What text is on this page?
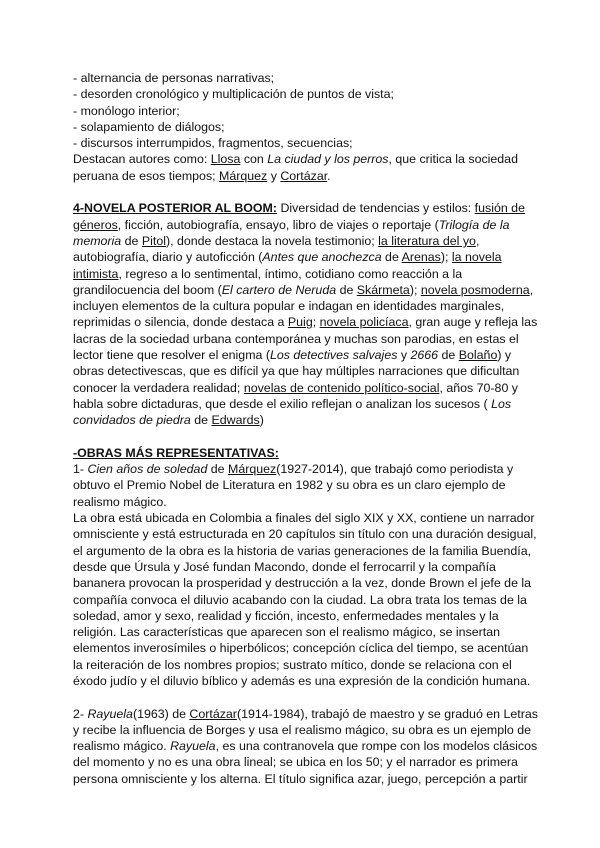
- alternancia de personas narrativas;
- desorden cronológico y multiplicación de puntos de vista;
- monólogo interior;
- solapamiento de diálogos;
- discursos interrumpidos, fragmentos, secuencias;
Destacan autores como: Llosa con La ciudad y los perros, que critica la sociedad
peruana de esos tiempos; Márquez y Cortázar.
4-NOVELA POSTERIOR AL BOOM: Diversidad de tendencias y estilos: fusión de
géneros, ficción, autobiografía, ensayo, libro de viajes o reportaje (Trilogía de la
memoria de Pitol), donde destaca la novela testimonio; la literatura del yo,
autobiografía, diario y autoficción (Antes que anochezca de Arenas); la novela
intimista, regreso a lo sentimental, íntimo, cotidiano como reacción a la
grandilocuencia del boom (El cartero de Neruda de Skármeta); novela posmoderna,
incluyen elementos de la cultura popular e indagan en identidades marginales,
reprimidas o silencia, donde destaca a Puig; novela policíaca, gran auge y refleja las
lacras de la sociedad urbana contemporánea y muchas son parodias, en estas el
lector tiene que resolver el enigma (Los detectives salvajes y 2666 de Bolaño) y
obras detectivescas, que es difícil ya que hay múltiples narraciones que dificultan
conocer la verdadera realidad; novelas de contenido político-social, años 70-80 y
habla sobre dictaduras, que desde el exilio reflejan o analizan los sucesos ( Los
convidados de piedra de Edwards)
-OBRAS MÁS REPRESENTATIVAS:
1- Cien años de soledad de Márquez(1927-2014), que trabajó como periodista y
obtuvo el Premio Nobel de Literatura en 1982 y su obra es un claro ejemplo de
realismo mágico.
La obra está ubicada en Colombia a finales del siglo XIX y XX, contiene un narrador
omnisciente y está estructurada en 20 capítulos sin título con una duración desigual,
el argumento de la obra es la historia de varias generaciones de la familia Buendía,
desde que Úrsula y José fundan Macondo, donde el ferrocarril y la compañía
bananera provocan la prosperidad y destrucción a la vez, donde Brown el jefe de la
compañía convoca el diluvio acabando con la ciudad. La obra trata los temas de la
soledad, amor y sexo, realidad y ficción, incesto, enfermedades mentales y la
religión. Las características que aparecen son el realismo mágico, se insertan
elementos inverosímiles o hiperbólicos; concepción cíclica del tiempo, se acentúan
la reiteración de los nombres propios; sustrato mítico, donde se relaciona con el
éxodo judío y el diluvio bíblico y además es una expresión de la condición humana.
2- Rayuela(1963) de Cortázar(1914-1984), trabajó de maestro y se graduó en Letras
y recibe la influencia de Borges y usa el realismo mágico, su obra es un ejemplo de
realismo mágico. Rayuela, es una contranovela que rompe con los modelos clásicos
del momento y no es una obra lineal; se ubica en los 50; y el narrador es primera
persona omnisciente y los alterna. El título significa azar, juego, percepción a partir
